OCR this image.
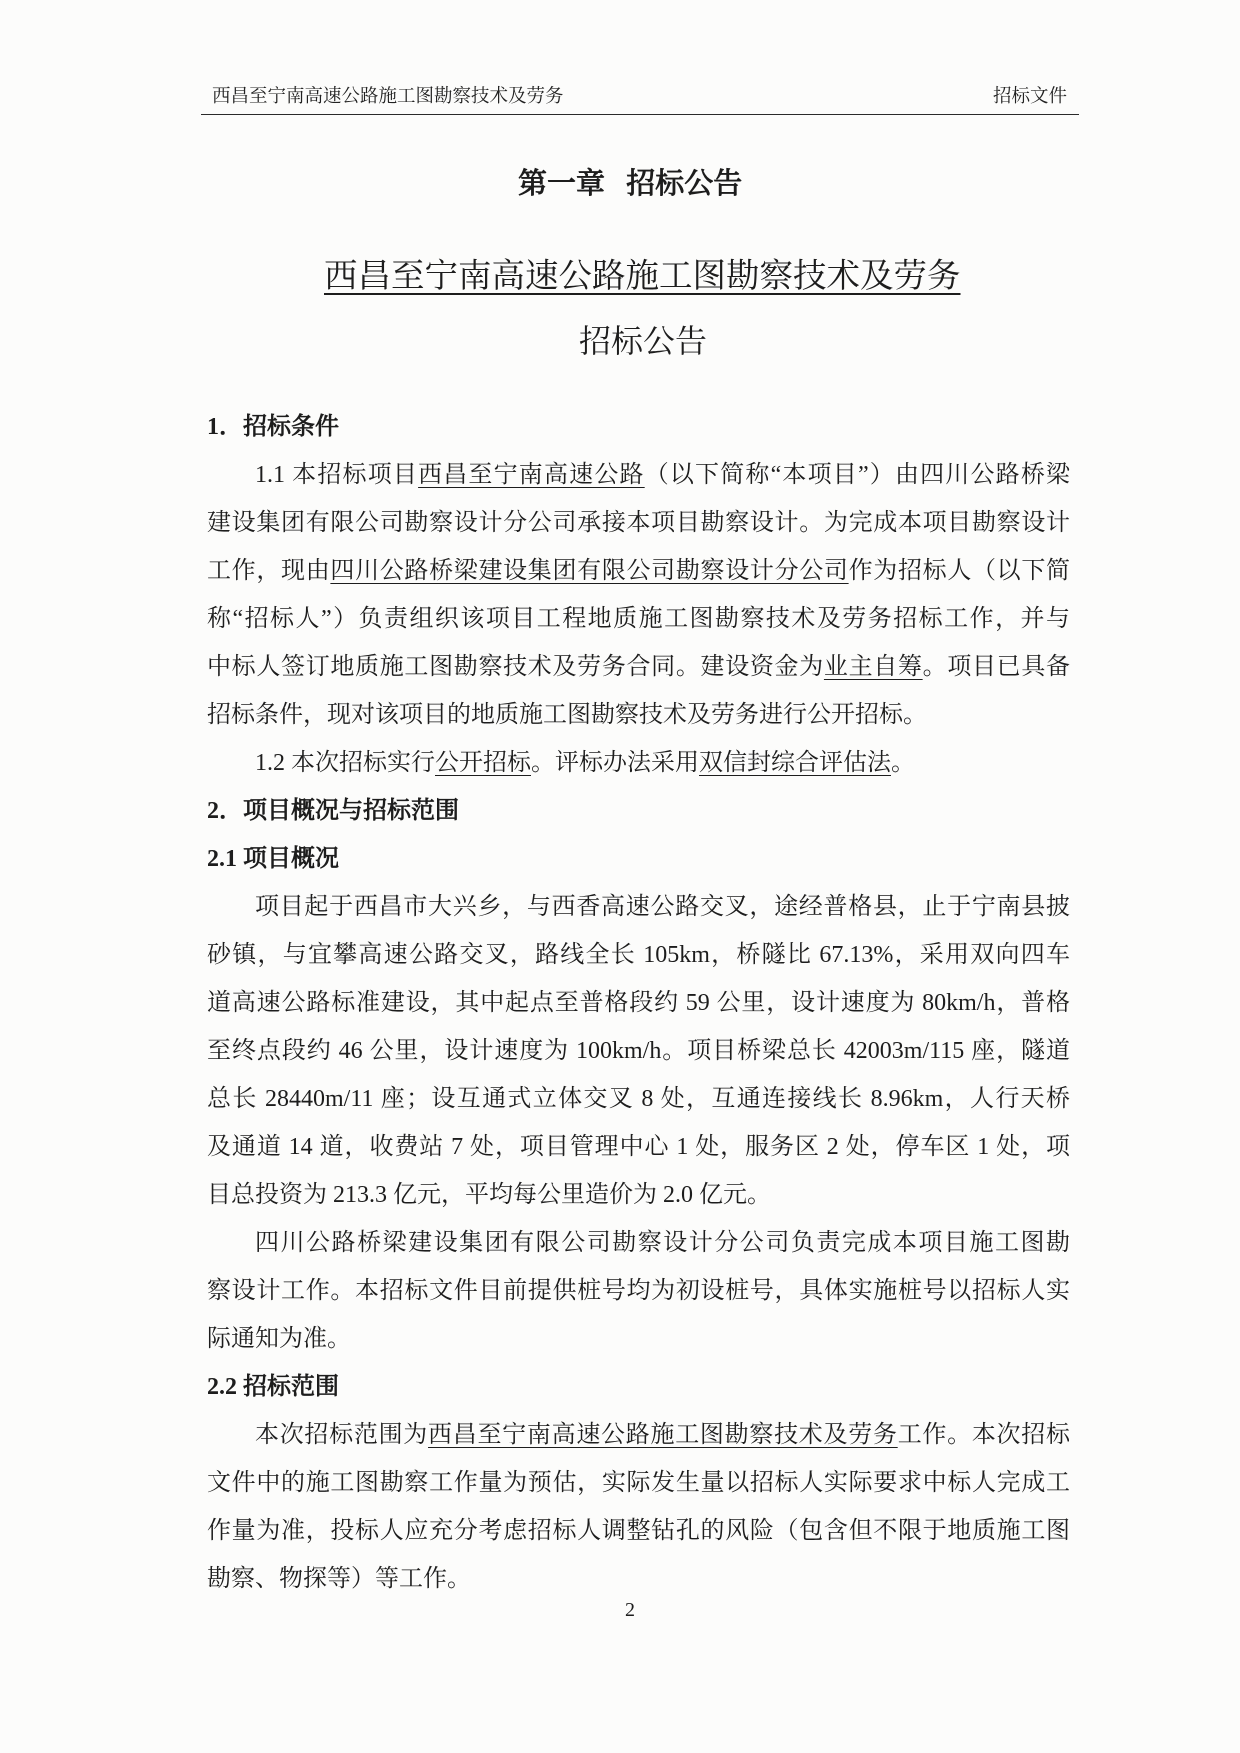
西昌至宁南高速公路施工图勘察技术及劳务	招标文件
第一章 招标公告
西昌至宁南高速公路施工图勘察技术及劳务
招标公告
1．招标条件
1.1 本招标项目西昌至宁南高速公路（以下简称“本项目”）由四川公路桥梁
建设集团有限公司勘察设计分公司承接本项目勘察设计。为完成本项目勘察设计
工作，现由四川公路桥梁建设集团有限公司勘察设计分公司作为招标人（以下简
称“招标人”）负责组织该项目工程地质施工图勘察技术及劳务招标工作，并与
中标人签订地质施工图勘察技术及劳务合同。建设资金为业主自筹。项目已具备
招标条件，现对该项目的地质施工图勘察技术及劳务进行公开招标。
1.2 本次招标实行公开招标。评标办法采用双信封综合评估法。
2．项目概况与招标范围
2.1 项目概况
项目起于西昌市大兴乡，与西香高速公路交叉，途经普格县，止于宁南县披
砂镇，与宜攀高速公路交叉，路线全长 105km，桥隧比 67.13%，采用双向四车
道高速公路标准建设，其中起点至普格段约 59 公里，设计速度为 80km/h，普格
至终点段约 46 公里，设计速度为 100km/h。项目桥梁总长 42003m/115 座，隧道
总长 28440m/11 座；设互通式立体交叉 8 处，互通连接线长 8.96km，人行天桥
及通道 14 道，收费站 7 处，项目管理中心 1 处，服务区 2 处，停车区 1 处，项
目总投资为 213.3 亿元，平均每公里造价为 2.0 亿元。
四川公路桥梁建设集团有限公司勘察设计分公司负责完成本项目施工图勘
察设计工作。本招标文件目前提供桩号均为初设桩号，具体实施桩号以招标人实
际通知为准。
2.2 招标范围
本次招标范围为西昌至宁南高速公路施工图勘察技术及劳务工作。本次招标
文件中的施工图勘察工作量为预估，实际发生量以招标人实际要求中标人完成工
作量为准，投标人应充分考虑招标人调整钻孔的风险（包含但不限于地质施工图
勘察、物探等）等工作。
2
